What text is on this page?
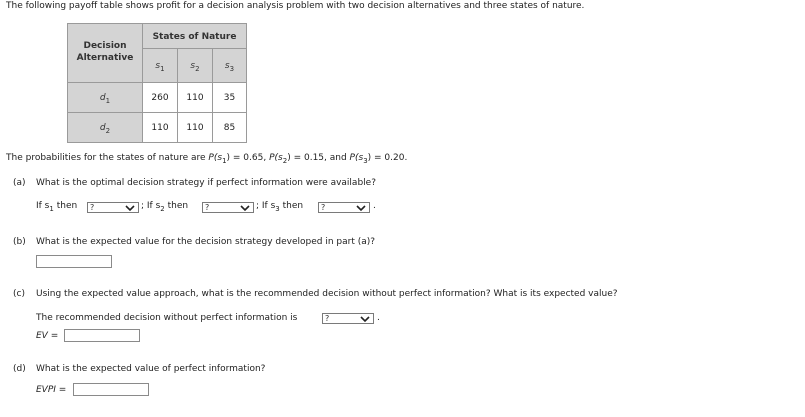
The following payoff table shows profit for a decision analysis problem with two decision alternatives and three states of nature.
Decision
Alternative
States of Nature
$s_1$	$s_2$	$s_3$
$d_1$	260	110	35
$d_2$	110	110	85
The probabilities for the states of nature are $P(s_1) = 0.65$, $P(s_2) = 0.15$, and $P(s_3) = 0.20$.
(a) What is the optimal decision strategy if perfect information were available?
If $s_1$ then ?	; If $s_2$ then ?	; If $s_3$ then ?	.
(b) What is the expected value for the decision strategy developed in part (a)?
(c) Using the expected value approach, what is the recommended decision without perfect information? What is its expected value?
The recommended decision without perfect information is	?	.
EV =
(d) What is the expected value of perfect information?
EVPI =
